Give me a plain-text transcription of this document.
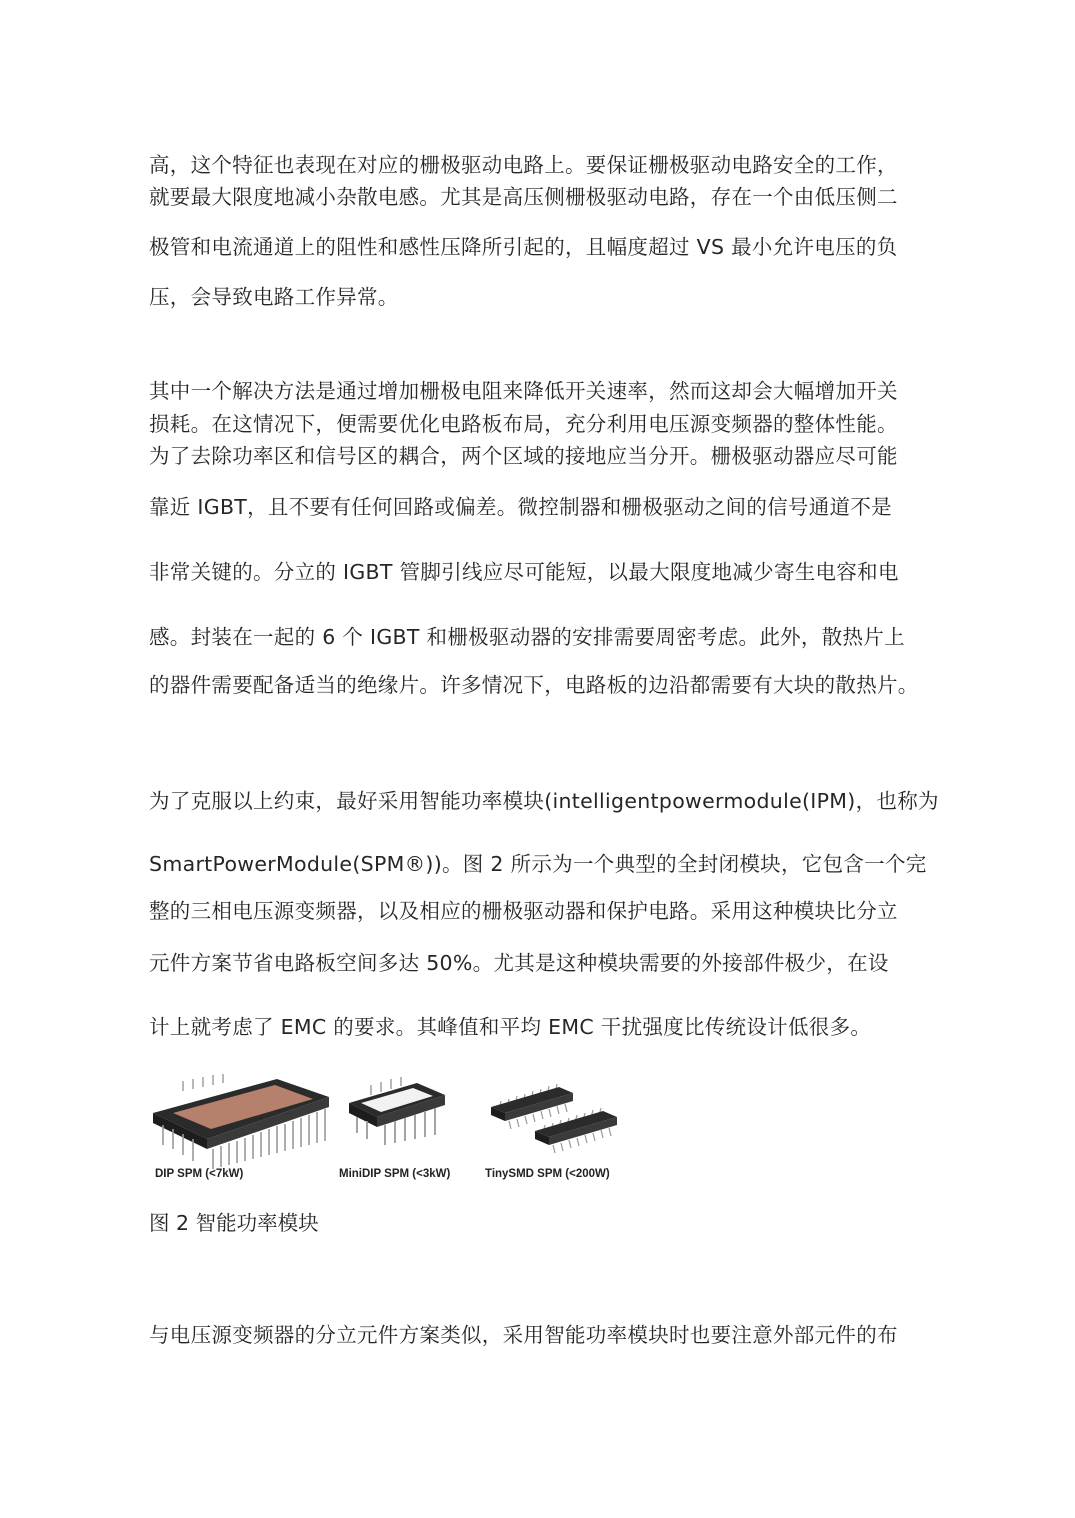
高，这个特征也表现在对应的栅极驱动电路上。要保证栅极驱动电路安全的工作，
就要最大限度地减小杂散电感。尤其是高压侧栅极驱动电路，存在一个由低压侧二
极管和电流通道上的阻性和感性压降所引起的，且幅度超过 VS 最小允许电压的负
压，会导致电路工作异常。
其中一个解决方法是通过增加栅极电阻来降低开关速率，然而这却会大幅增加开关
损耗。在这情况下，便需要优化电路板布局，充分利用电压源变频器的整体性能。
为了去除功率区和信号区的耦合，两个区域的接地应当分开。栅极驱动器应尽可能
靠近 IGBT，且不要有任何回路或偏差。微控制器和栅极驱动之间的信号通道不是
非常关键的。分立的 IGBT 管脚引线应尽可能短，以最大限度地减少寄生电容和电
感。封装在一起的 6 个 IGBT 和栅极驱动器的安排需要周密考虑。此外，散热片上
的器件需要配备适当的绝缘片。许多情况下，电路板的边沿都需要有大块的散热片。
为了克服以上约束，最好采用智能功率模块(intelligentpowermodule(IPM)，也称为
SmartPowerModule(SPM®))。图 2 所示为一个典型的全封闭模块，它包含一个完
整的三相电压源变频器，以及相应的栅极驱动器和保护电路。采用这种模块比分立
元件方案节省电路板空间多达 50%。尤其是这种模块需要的外接部件极少，在设
计上就考虑了 EMC 的要求。其峰值和平均 EMC 干扰强度比传统设计低很多。
DIP SPM (<7kW)	MiniDIP SPM (<3kW)	TinySMD SPM (<200W)
图 2 智能功率模块
与电压源变频器的分立元件方案类似，采用智能功率模块时也要注意外部元件的布
